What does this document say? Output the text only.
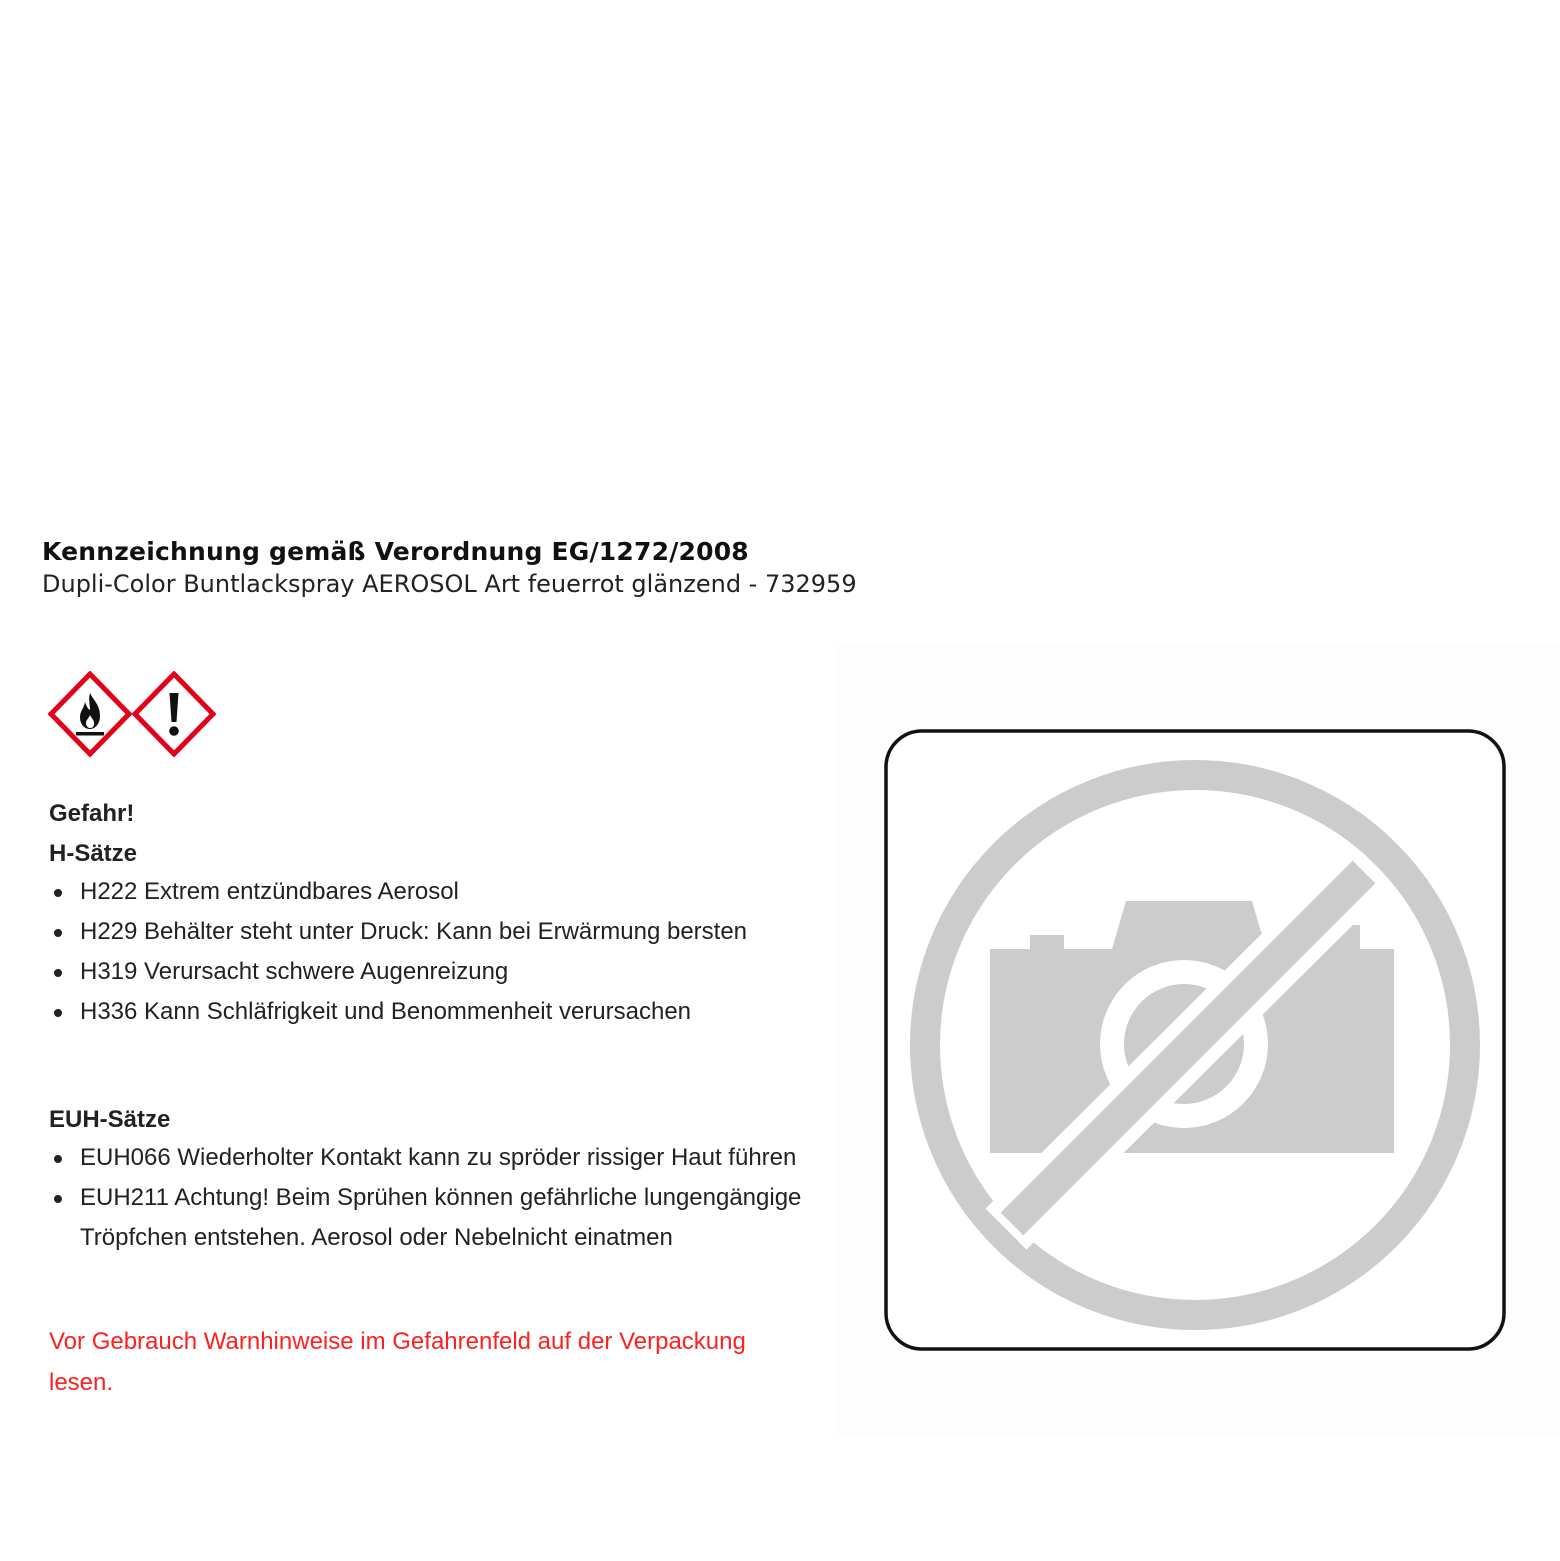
Kennzeichnung gemäß Verordnung EG/1272/2008
Dupli-Color Buntlackspray AEROSOL Art feuerrot glänzend - 732959
Gefahr!
H-Sätze
H222 Extrem entzündbares Aerosol
H229 Behälter steht unter Druck: Kann bei Erwärmung bersten
H319 Verursacht schwere Augenreizung
H336 Kann Schläfrigkeit und Benommenheit verursachen
EUH-Sätze
EUH066 Wiederholter Kontakt kann zu spröder rissiger Haut führen
EUH211 Achtung! Beim Sprühen können gefährliche lungengängige Tröpfchen entstehen. Aerosol oder Nebelnicht einatmen
Vor Gebrauch Warnhinweise im Gefahrenfeld auf der Verpackung lesen.
